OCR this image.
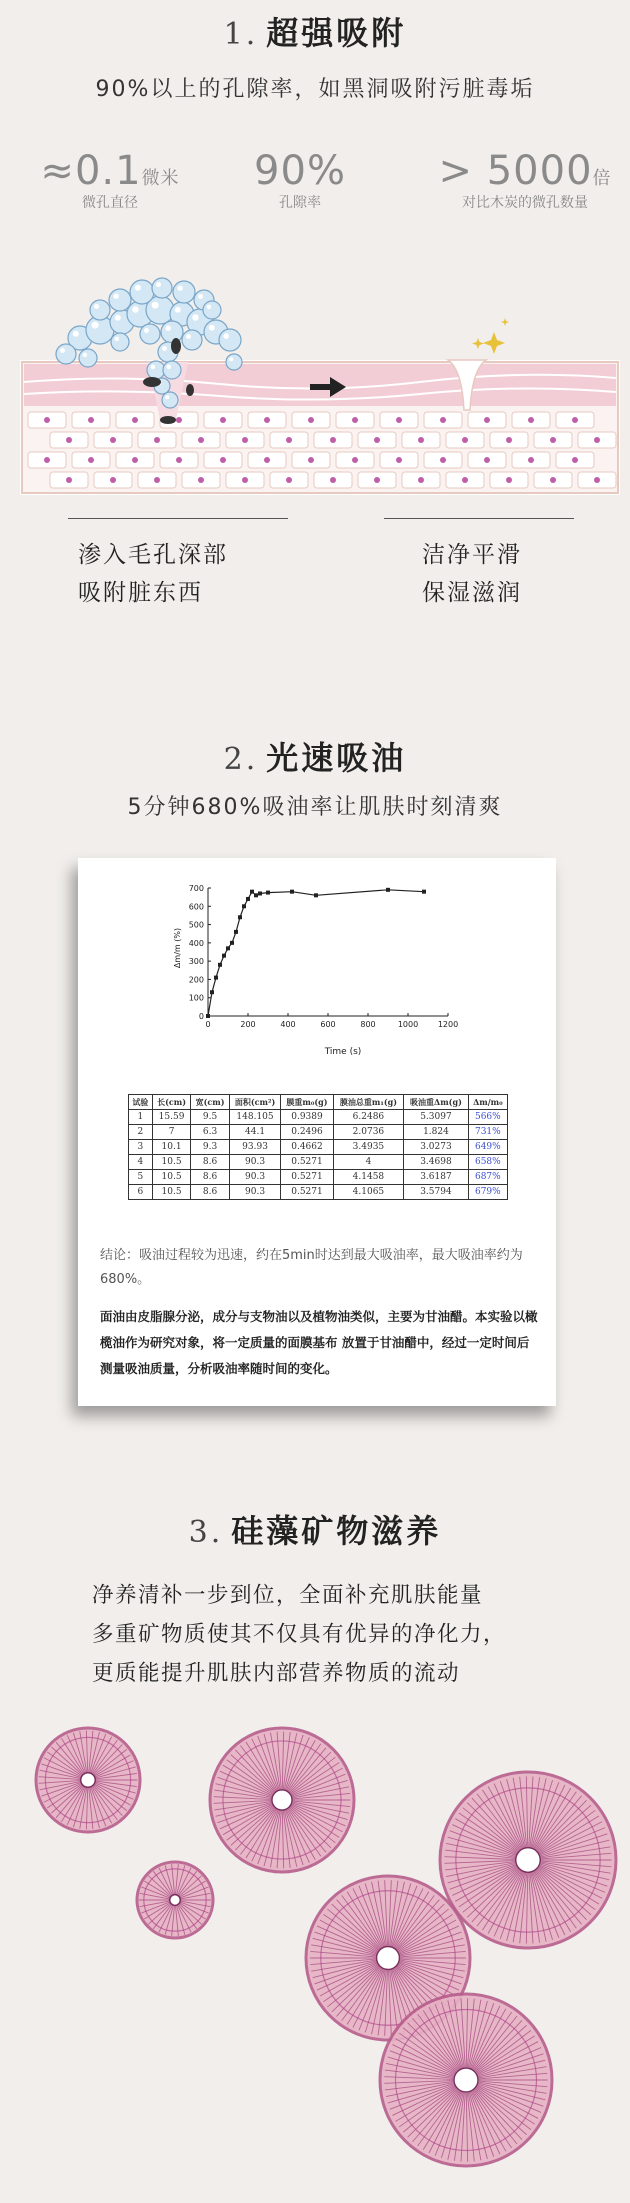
1. 超强吸附
90%以上的孔隙率，如黑洞吸附污脏毒垢
≈0.1微米
微孔直径
90%
孔隙率
> 5000倍
对比木炭的微孔数量
渗入毛孔深部
吸附脏东西
洁净平滑
保湿滋润
2. 光速吸油
5分钟680%吸油率让肌肤时刻清爽
Δm/m (%)
Time (s)
0
100
200
300
400
500
600
700
0	200	400	600	800	1000 1200
试验	长(cm)	宽(cm)	面积(cm²)	膜重m₀(g)	膜油总重m₁(g)	吸油重Δm(g)	Δm/m₀
1	15.59	9.5	148.105	0.9389	6.2486	5.3097	566%
2	7	6.3	44.1	0.2496	2.0736	1.824	731%
3	10.1	9.3	93.93	0.4662	3.4935	3.0273	649%
4	10.5	8.6	90.3	0.5271	4	3.4698	658%
5	10.5	8.6	90.3	0.5271	4.1458	3.6187	687%
6	10.5	8.6	90.3	0.5271	4.1065	3.5794	679%
结论：吸油过程较为迅速，约在5min时达到最大吸油率，最大吸油率约为680%。
面油由皮脂腺分泌，成分与支物油以及植物油类似，主要为甘油醋。本实验以橄榄油作为研究对象，将一定质量的面膜基布 放置于甘油醋中，经过一定时间后测量吸油质量，分析吸油率随时间的变化。
3. 硅藻矿物滋养
净养清补一步到位，全面补充肌肤能量
多重矿物质使其不仅具有优异的净化力，
更质能提升肌肤内部营养物质的流动
